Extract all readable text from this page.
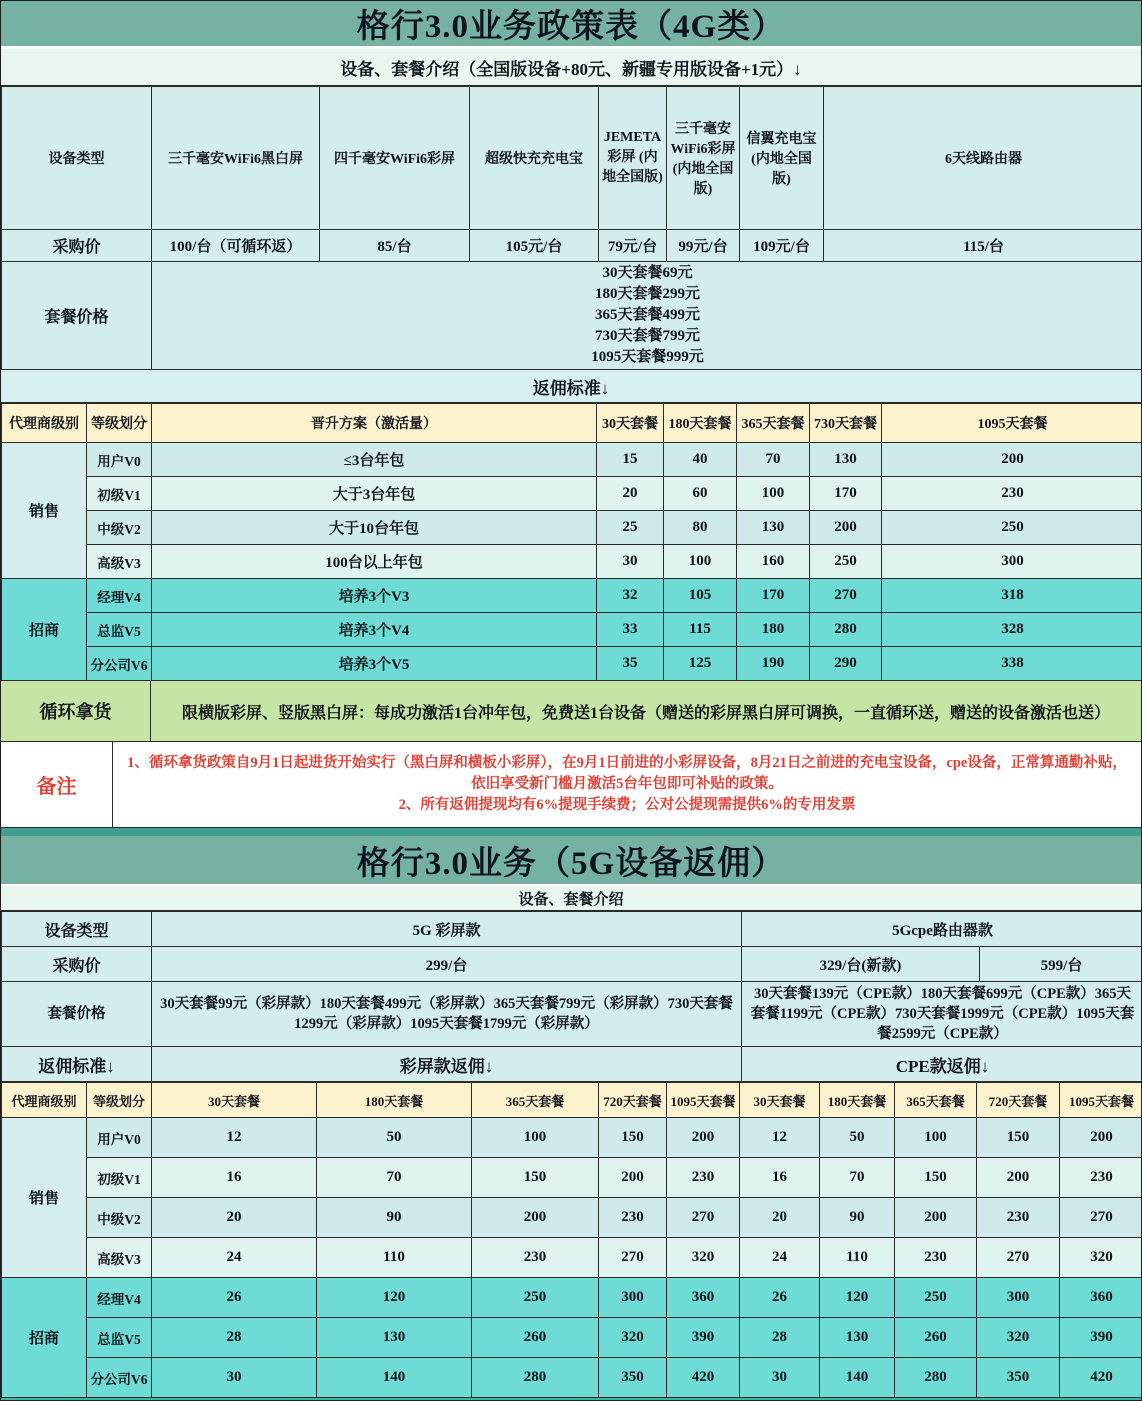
格行3.0业务政策表（4G类）
设备、套餐介绍（全国版设备+80元、新疆专用版设备+1元）↓
设备类型	三千毫安WiFi6黑白屏	四千毫安WiFi6彩屏	超级快充充电宝	JEMETA彩屏 (内地全国版)	三千毫安WiFi6彩屏 (内地全国版)	信翼充电宝 (内地全国版)	6天线路由器
采购价	100/台（可循环返）	85/台	105元/台	79元/台	99元/台	109元/台	115/台
套餐价格	30天套餐69元
180天套餐299元
365天套餐499元
730天套餐799元
1095天套餐999元						
返佣标准↓
代理商级别	等级划分	晋升方案（激活量）	30天套餐	180天套餐	365天套餐	730天套餐	1095天套餐
销售	用户V0	≤3台年包	15	40	70	130	200
	初级V1	大于3台年包	20	60	100	170	230
	中级V2	大于10台年包	25	80	130	200	250
	高级V3	100台以上年包	30	100	160	250	300
招商	经理V4	培养3个V3	32	105	170	270	318
	总监V5	培养3个V4	33	115	180	280	328
	分公司V6	培养3个V5	35	125	190	290	338
循环拿货	限横版彩屏、竖版黑白屏：每成功激活1台冲年包，免费送1台设备（赠送的彩屏黑白屏可调换，一直循环送，赠送的设备激活也送）
备注
1、循环拿货政策自9月1日起进货开始实行（黑白屏和横板小彩屏），在9月1日前进的小彩屏设备，8月21日之前进的充电宝设备，cpe设备，正常算通勤补贴，依旧享受新门槛月激活5台年包即可补贴的政策。
2、所有返佣提现均有6%提现手续费；公对公提现需提供6%的专用发票
格行3.0业务（5G设备返佣）
设备、套餐介绍
设备类型	5G 彩屏款	5Gcpe路由器款	
采购价	299/台	329/台(新款)	599/台
套餐价格	30天套餐99元（彩屏款）180天套餐499元（彩屏款）365天套餐799元（彩屏款）730天套餐1299元（彩屏款）1095天套餐1799元（彩屏款）	30天套餐139元（CPE款）180天套餐699元（CPE款）365天套餐1199元（CPE款）730天套餐1999元（CPE款）1095天套餐2599元（CPE款）	
返佣标准↓	彩屏款返佣↓	CPE款返佣↓	
代理商级别	等级划分	30天套餐	180天套餐	365天套餐	720天套餐	1095天套餐	30天套餐	180天套餐	365天套餐	720天套餐	1095天套餐
销售	用户V0	12	50	100	150	200	12	50	100	150	200
	初级V1	16	70	150	200	230	16	70	150	200	230
	中级V2	20	90	200	230	270	20	90	200	230	270
	高级V3	24	110	230	270	320	24	110	230	270	320
招商	经理V4	26	120	250	300	360	26	120	250	300	360
	总监V5	28	130	260	320	390	28	130	260	320	390
	分公司V6	30	140	280	350	420	30	140	280	350	420
